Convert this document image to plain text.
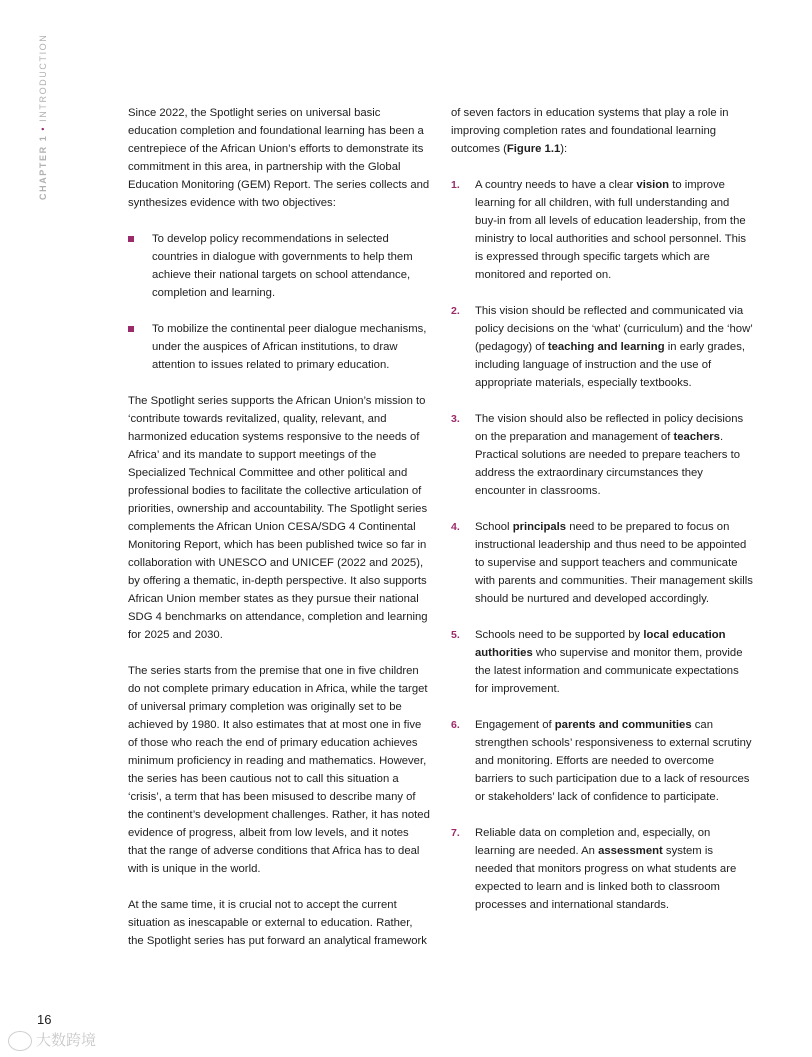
CHAPTER 1•INTRODUCTION	Since 2022, the Spotlight series on universal basic education completion and foundational learning has been a centrepiece of the African Union’s efforts to demonstrate its commitment in this area, in partnership with the Global Education Monitoring (GEM) Report. The series collects and synthesizes evidence with two objectives:

To develop policy recommendations in selected countries in dialogue with governments to help them achieve their national targets on school attendance, completion and learning.
To mobilize the continental peer dialogue mechanisms, under the auspices of African institutions, to draw attention to issues related to primary education.

The Spotlight series supports the African Union’s mission to ‘contribute towards revitalized, quality, relevant, and harmonized education systems responsive to the needs of Africa’ and its mandate to support meetings of the Specialized Technical Committee and other political and professional bodies to facilitate the collective articulation of priorities, ownership and accountability. The Spotlight series complements the African Union CESA/SDG 4 Continental Monitoring Report, which has been published twice so far in collaboration with UNESCO and UNICEF (2022 and 2025), by offering a thematic, in-depth perspective. It also supports African Union member states as they pursue their national SDG 4 benchmarks on attendance, completion and learning for 2025 and 2030.

The series starts from the premise that one in five children do not complete primary education in Africa, while the target of universal primary completion was originally set to be achieved by 1980. It also estimates that at most one in five of those who reach the end of primary education achieves minimum proficiency in reading and mathematics. However, the series has been cautious not to call this situation a ‘crisis’, a term that has been misused to describe many of the continent’s development challenges. Rather, it has noted evidence of progress, albeit from low levels, and it notes that the range of adverse conditions that Africa has to deal with is unique in the world.

At the same time, it is crucial not to accept the current situation as inescapable or external to education. Rather, the Spotlight series has put forward an analytical framework

of seven factors in education systems that play a role in improving completion rates and foundational learning outcomes (Figure 1.1):

1. A country needs to have a clear vision to improve learning for all children, with full understanding and buy-in from all levels of education leadership, from the ministry to local authorities and school personnel. This is expressed through specific targets which are monitored and reported on.
2. This vision should be reflected and communicated via policy decisions on the ‘what’ (curriculum) and the ‘how’ (pedagogy) of teaching and learning in early grades, including language of instruction and the use of appropriate materials, especially textbooks.
3. The vision should also be reflected in policy decisions on the preparation and management of teachers. Practical solutions are needed to prepare teachers to address the extraordinary circumstances they encounter in classrooms.
4. School principals need to be prepared to focus on instructional leadership and thus need to be appointed to supervise and support teachers and communicate with parents and communities. Their management skills should be nurtured and developed accordingly.
5. Schools need to be supported by local education authorities who supervise and monitor them, provide the latest information and communicate expectations for improvement.
6. Engagement of parents and communities can strengthen schools’ responsiveness to external scrutiny and monitoring. Efforts are needed to overcome barriers to such participation due to a lack of resources or stakeholders’ lack of confidence to participate.
7. Reliable data on completion and, especially, on learning are needed. An assessment system is needed that monitors progress on what students are expected to learn and is linked both to classroom processes and international standards.
16
大数跨境
